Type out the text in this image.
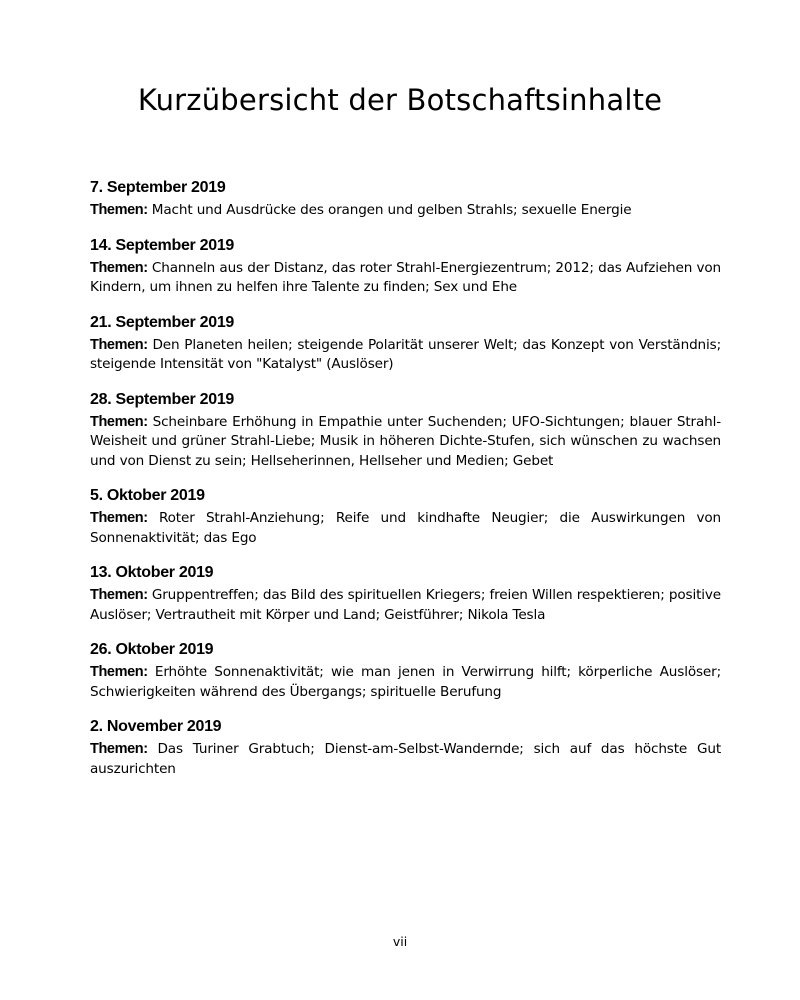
Kurzübersicht der Botschaftsinhalte
7. September 2019

Themen: Macht und Ausdrücke des orangen und gelben Strahls; sexuelle Energie

14. September 2019

Themen: Channeln aus der Distanz, das roter Strahl-Energiezentrum; 2012; das Aufziehen von Kindern, um ihnen zu helfen ihre Talente zu finden; Sex und Ehe

21. September 2019

Themen: Den Planeten heilen; steigende Polarität unserer Welt; das Konzept von Verständnis; steigende Intensität von "Katalyst" (Auslöser)

28. September 2019

Themen: Scheinbare Erhöhung in Empathie unter Suchenden; UFO-Sichtungen; blauer Strahl-Weisheit und grüner Strahl-Liebe; Musik in höheren Dichte-Stufen, sich wünschen zu wachsen und von Dienst zu sein; Hellseherinnen, Hellseher und Medien; Gebet

5. Oktober 2019

Themen: Roter Strahl-Anziehung; Reife und kindhafte Neugier; die Auswirkungen von Sonnenaktivität; das Ego

13. Oktober 2019

Themen: Gruppentreffen; das Bild des spirituellen Kriegers; freien Willen respektieren; positive Auslöser; Vertrautheit mit Körper und Land; Geistführer; Nikola Tesla

26. Oktober 2019

Themen: Erhöhte Sonnenaktivität; wie man jenen in Verwirrung hilft; körperliche Auslöser; Schwierigkeiten während des Übergangs; spirituelle Berufung

2. November 2019

Themen: Das Turiner Grabtuch; Dienst-am-Selbst-Wandernde; sich auf das höchste Gut auszurichten

vii
